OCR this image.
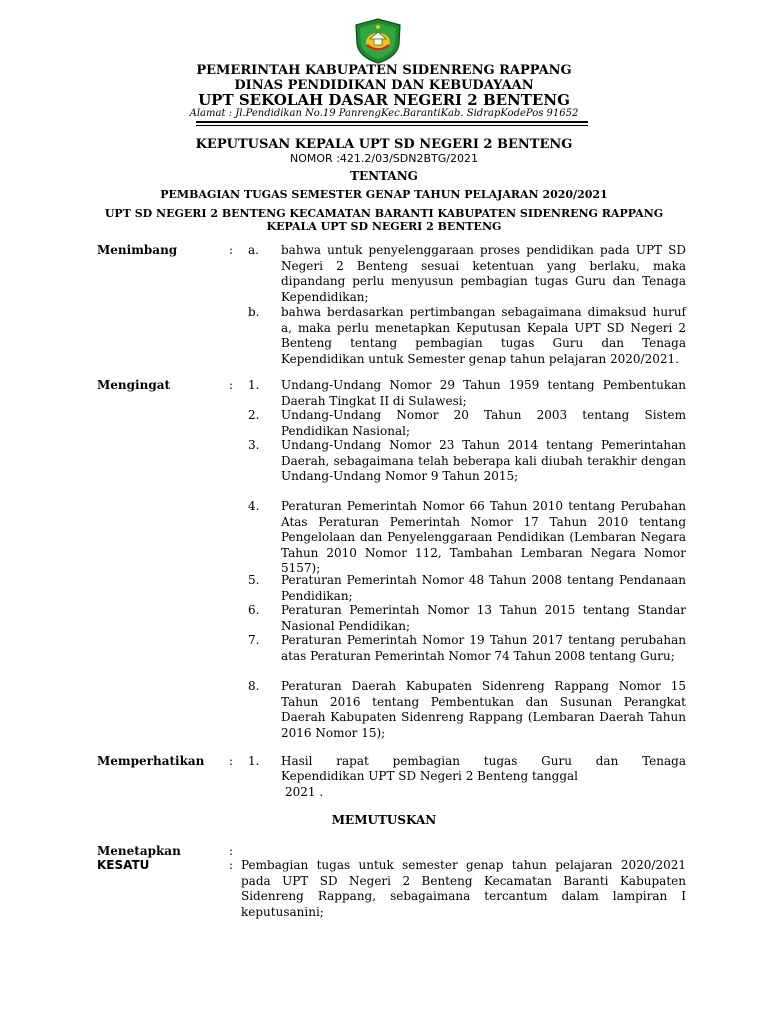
PEMERINTAH KABUPATEN SIDENRENG RAPPANG
DINAS PENDIDIKAN DAN KEBUDAYAAN
UPT SEKOLAH DASAR NEGERI 2 BENTENG
Alamat : Jl.Pendidikan No.19 PanrengKec.BarantiKab. SidrapKodePos 91652
KEPUTUSAN KEPALA UPT SD NEGERI 2 BENTENG
NOMOR :421.2/03/SDN2BTG/2021
TENTANG
PEMBAGIAN TUGAS SEMESTER GENAP TAHUN PELAJARAN 2020/2021
UPT SD NEGERI 2 BENTENG KECAMATAN BARANTI KABUPATEN SIDENRENG RAPPANG
KEPALA UPT SD NEGERI 2 BENTENG
Menimbang	: a. bahwa untuk penyelenggaraan proses pendidikan pada UPT SD Negeri 2 Benteng sesuai ketentuan yang berlaku, maka dipandang perlu menyusun pembagian tugas Guru dan Tenaga Kependidikan;
b. bahwa berdasarkan pertimbangan sebagaimana dimaksud huruf a, maka perlu menetapkan Keputusan Kepala UPT SD Negeri 2 Benteng tentang pembagian tugas Guru dan Tenaga Kependidikan untuk Semester genap tahun pelajaran 2020/2021.
Mengingat	: 1. Undang-Undang Nomor 29 Tahun 1959 tentang Pembentukan Daerah Tingkat II di Sulawesi;
2. Undang-Undang Nomor 20 Tahun 2003 tentang Sistem Pendidikan Nasional;
3. Undang-Undang Nomor 23 Tahun 2014 tentang Pemerintahan Daerah, sebagaimana telah beberapa kali diubah terakhir dengan Undang-Undang Nomor 9 Tahun 2015;
4. Peraturan Pemerintah Nomor 66 Tahun 2010 tentang Perubahan Atas Peraturan Pemerintah Nomor 17 Tahun 2010 tentang Pengelolaan dan Penyelenggaraan Pendidikan (Lembaran Negara Tahun 2010 Nomor 112, Tambahan Lembaran Negara Nomor 5157);
5. Peraturan Pemerintah Nomor 48 Tahun 2008 tentang Pendanaan Pendidikan;
6. Peraturan Pemerintah Nomor 13 Tahun 2015 tentang Standar Nasional Pendidikan;
7. Peraturan Pemerintah Nomor 19 Tahun 2017 tentang perubahan atas Peraturan Pemerintah Nomor 74 Tahun 2008 tentang Guru;
8. Peraturan Daerah Kabupaten Sidenreng Rappang Nomor 15 Tahun 2016 tentang Pembentukan dan Susunan Perangkat Daerah Kabupaten Sidenreng Rappang (Lembaran Daerah Tahun 2016 Nomor 15);
Memperhatikan : 1. Hasil rapat pembagian tugas Guru dan Tenaga
Kependidikan UPT SD Negeri 2 Benteng tanggal
2021 .
MEMUTUSKAN
Menetapkan	:
KESATU	: Pembagian tugas untuk semester genap tahun pelajaran 2020/2021 pada UPT SD Negeri 2 Benteng Kecamatan Baranti Kabupaten Sidenreng Rappang, sebagaimana tercantum dalam lampiran I keputusanini;
